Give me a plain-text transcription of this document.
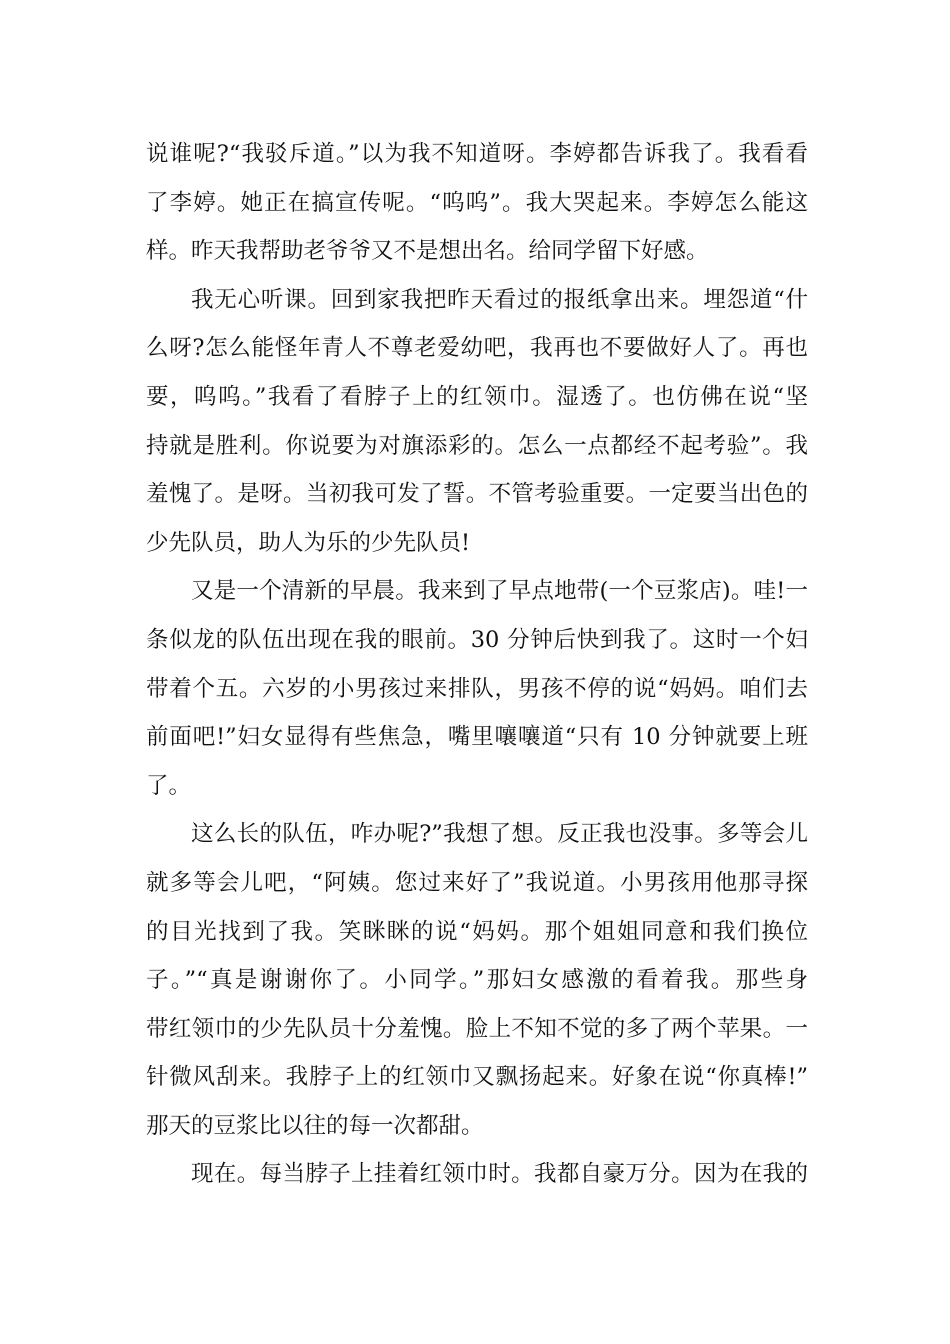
说谁呢?“我驳斥道。”以为我不知道呀。李婷都告诉我了。我看看
了李婷。她正在搞宣传呢。“呜呜”。我大哭起来。李婷怎么能这
样。昨天我帮助老爷爷又不是想出名。给同学留下好感。
我无心听课。回到家我把昨天看过的报纸拿出来。埋怨道“什
么呀?怎么能怪年青人不尊老爱幼吧，我再也不要做好人了。再也
要，呜呜。”我看了看脖子上的红领巾。湿透了。也仿佛在说“坚
持就是胜利。你说要为对旗添彩的。怎么一点都经不起考验”。我
羞愧了。是呀。当初我可发了誓。不管考验重要。一定要当出色的
少先队员，助人为乐的少先队员!
又是一个清新的早晨。我来到了早点地带(一个豆浆店)。哇!一
条似龙的队伍出现在我的眼前。30 分钟后快到我了。这时一个妇
带着个五。六岁的小男孩过来排队，男孩不停的说“妈妈。咱们去
前面吧!”妇女显得有些焦急，嘴里嚷嚷道“只有 10 分钟就要上班
了。
这么长的队伍，咋办呢?”我想了想。反正我也没事。多等会儿
就多等会儿吧，“阿姨。您过来好了”我说道。小男孩用他那寻探
的目光找到了我。笑眯眯的说“妈妈。那个姐姐同意和我们换位
子。”“真是谢谢你了。小同学。”那妇女感激的看着我。那些身
带红领巾的少先队员十分羞愧。脸上不知不觉的多了两个苹果。一
针微风刮来。我脖子上的红领巾又飘扬起来。好象在说“你真棒!”
那天的豆浆比以往的每一次都甜。
现在。每当脖子上挂着红领巾时。我都自豪万分。因为在我的
